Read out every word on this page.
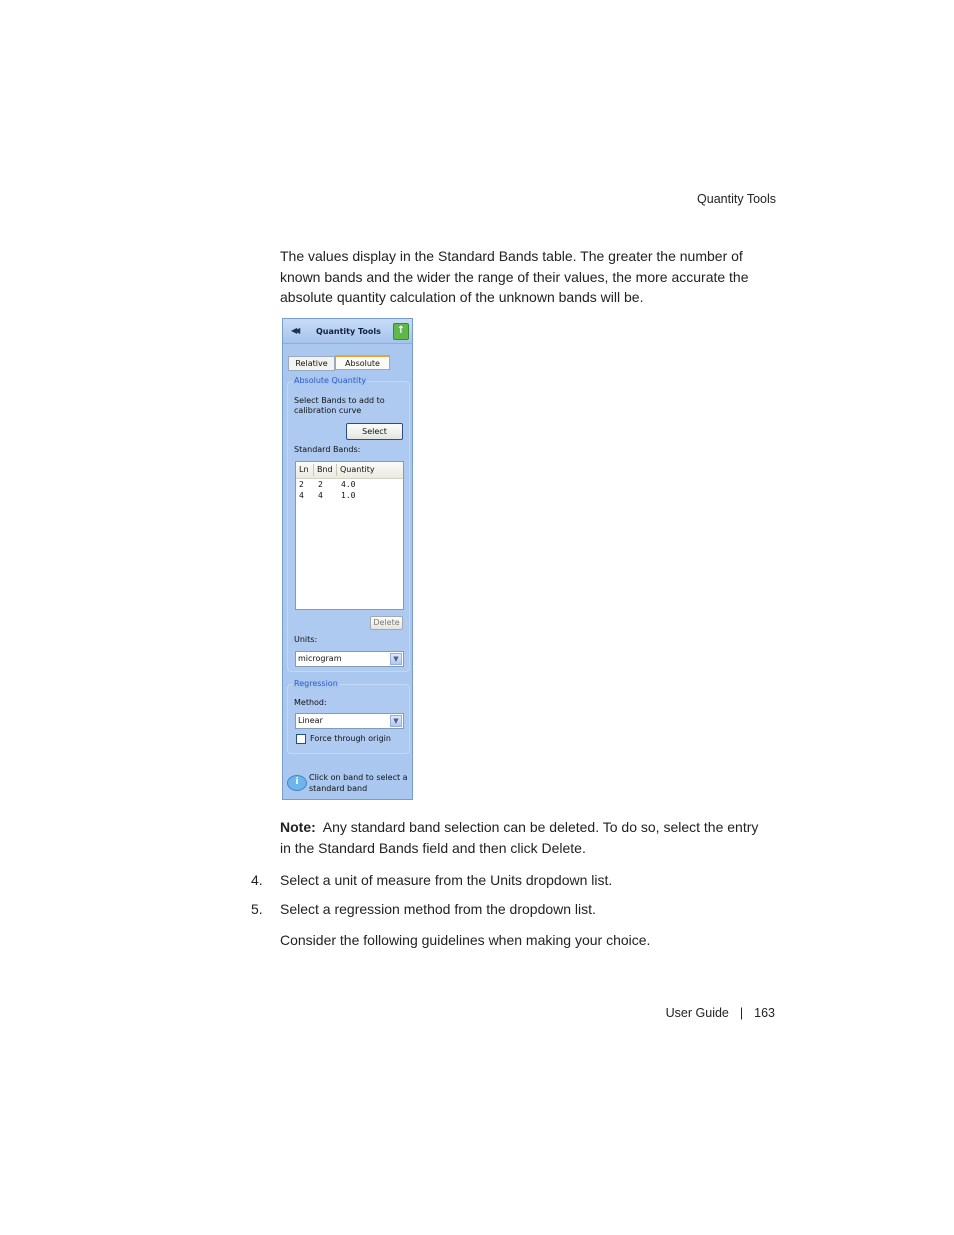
Quantity Tools

The values display in the Standard Bands table. The greater the number of known bands and the wider the range of their values, the more accurate the absolute quantity calculation of the unknown bands will be.

◀◀ Quantity Tools	↑
Relative	Absolute
Absolute Quantity
Select Bands to add to calibration curve
Select
Standard Bands:
Ln Bnd Quantity
2 2 4.0
4 4 1.0
Delete
Units:
microgram	▼
Regression
Method:
Linear	▼
Force through origin
i	Click on band to select a standard band

Note: Any standard band selection can be deleted. To do so, select the entry in the Standard Bands field and then click Delete.

4. Select a unit of measure from the Units dropdown list.
5. Select a regression method from the dropdown list.

Consider the following guidelines when making your choice.

User Guide | 163
